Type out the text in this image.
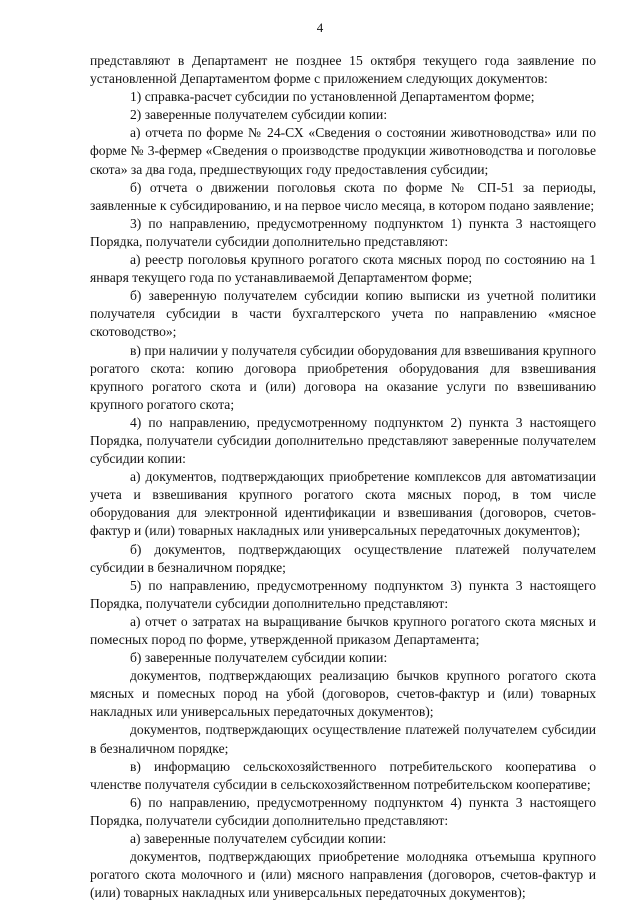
4

представляют в Департамент не позднее 15 октября текущего года заявление по установленной Департаментом форме с приложением следующих документов:

1) справка-расчет субсидии по установленной Департаментом форме;

2) заверенные получателем субсидии копии:

а) отчета по форме № 24-СХ «Сведения о состоянии животноводства» или по форме № 3-фермер «Сведения о производстве продукции животноводства и поголовье скота» за два года, предшествующих году предоставления субсидии;

б) отчета о движении поголовья скота по форме № СП-51 за периоды, заявленные к субсидированию, и на первое число месяца, в котором подано заявление;

3) по направлению, предусмотренному подпунктом 1) пункта 3 настоящего Порядка, получатели субсидии дополнительно представляют:

а) реестр поголовья крупного рогатого скота мясных пород по состоянию на 1 января текущего года по устанавливаемой Департаментом форме;

б) заверенную получателем субсидии копию выписки из учетной политики получателя субсидии в части бухгалтерского учета по направлению «мясное скотоводство»;

в) при наличии у получателя субсидии оборудования для взвешивания крупного рогатого скота: копию договора приобретения оборудования для взвешивания крупного рогатого скота и (или) договора на оказание услуги по взвешиванию крупного рогатого скота;

4) по направлению, предусмотренному подпунктом 2) пункта 3 настоящего Порядка, получатели субсидии дополнительно представляют заверенные получателем субсидии копии:

а) документов, подтверждающих приобретение комплексов для автоматизации учета и взвешивания крупного рогатого скота мясных пород, в том числе оборудования для электронной идентификации и взвешивания (договоров, счетов-фактур и (или) товарных накладных или универсальных передаточных документов);

б) документов, подтверждающих осуществление платежей получателем субсидии в безналичном порядке;

5) по направлению, предусмотренному подпунктом 3) пункта 3 настоящего Порядка, получатели субсидии дополнительно представляют:

а) отчет о затратах на выращивание бычков крупного рогатого скота мясных и помесных пород по форме, утвержденной приказом Департамента;

б) заверенные получателем субсидии копии:

документов, подтверждающих реализацию бычков крупного рогатого скота мясных и помесных пород на убой (договоров, счетов-фактур и (или) товарных накладных или универсальных передаточных документов);

документов, подтверждающих осуществление платежей получателем субсидии в безналичном порядке;

в) информацию сельскохозяйственного потребительского кооператива о членстве получателя субсидии в сельскохозяйственном потребительском кооперативе;

6) по направлению, предусмотренному подпунктом 4) пункта 3 настоящего Порядка, получатели субсидии дополнительно представляют:

а) заверенные получателем субсидии копии:

документов, подтверждающих приобретение молодняка отъемыша крупного рогатого скота молочного и (или) мясного направления (договоров, счетов-фактур и (или) товарных накладных или универсальных передаточных документов);
